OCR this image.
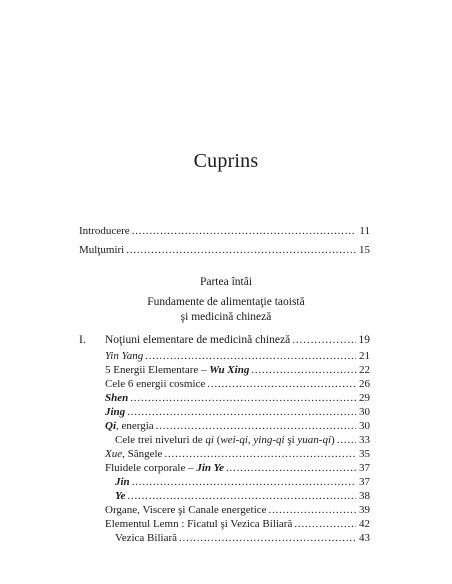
Cuprins
Introducere .....	11
Mulţumiri .....	15
Partea întâi
Fundamente de alimentaţie taoistă
şi medicină chineză
I.	Noţiuni elementare de medicină chineză .....	19
Yin Yang .....	21
5 Energii Elementare – Wu Xing .....	22
Cele 6 energii cosmice .....	26
Shen .....	29
Jing .....	30
Qi, energia .....	30
Cele trei niveluri de qi (wei-qi, ying-qi şi yuan-qi) ..... 33
Xue, Sângele .....	35
Fluidele corporale – Jin Ye .....	37
Jin .....	37
Ye .....	38
Organe, Viscere şi Canale energetice .....	39
Elementul Lemn : Ficatul şi Vezica Biliară .....	42
Vezica Biliară .....	43
